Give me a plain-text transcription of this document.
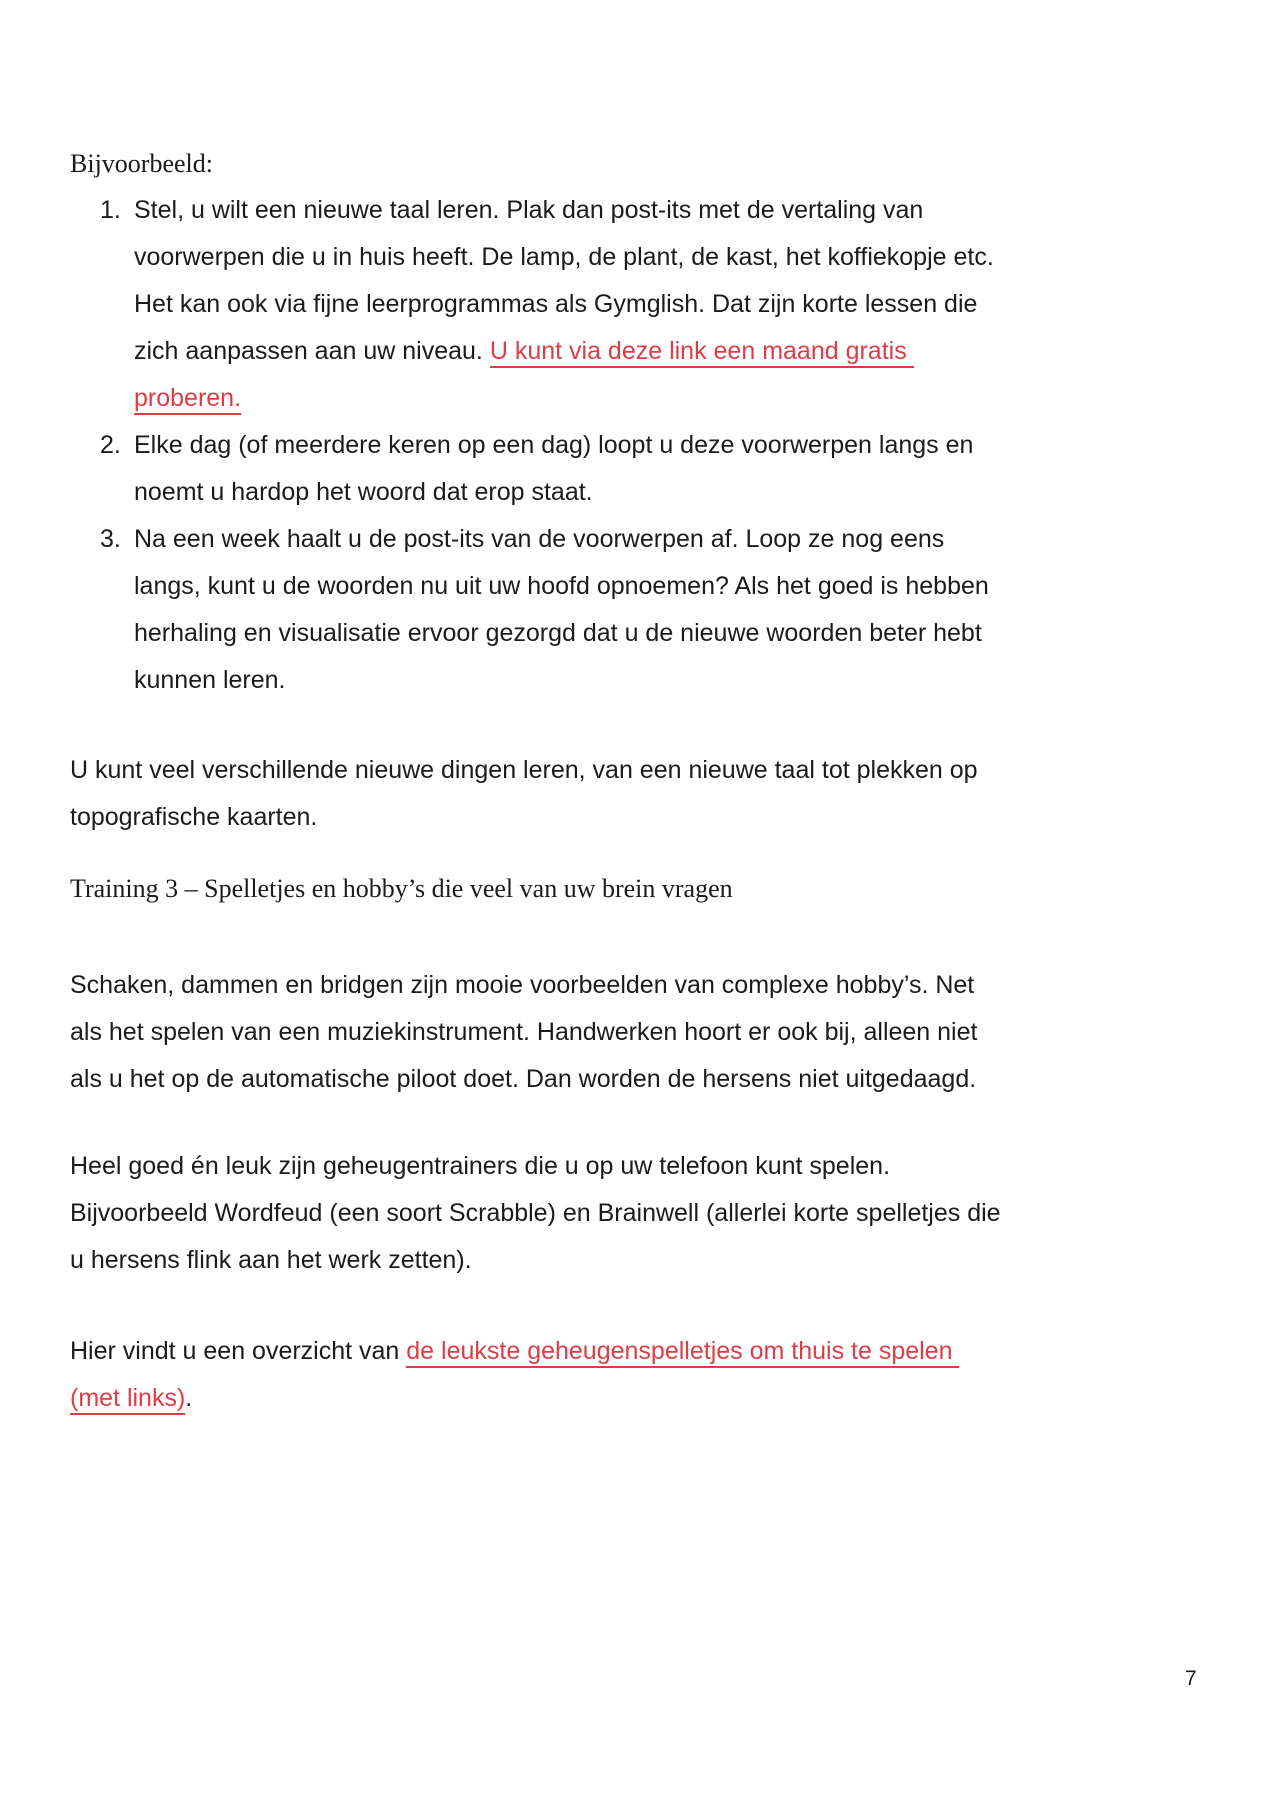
Bijvoorbeeld:
1. Stel, u wilt een nieuwe taal leren. Plak dan post-its met de vertaling van
voorwerpen die u in huis heeft. De lamp, de plant, de kast, het koffiekopje etc.
Het kan ook via fijne leerprogrammas als Gymglish. Dat zijn korte lessen die
zich aanpassen aan uw niveau. U kunt via deze link een maand gratis
proberen.
2. Elke dag (of meerdere keren op een dag) loopt u deze voorwerpen langs en
noemt u hardop het woord dat erop staat.
3. Na een week haalt u de post-its van de voorwerpen af. Loop ze nog eens
langs, kunt u de woorden nu uit uw hoofd opnoemen? Als het goed is hebben
herhaling en visualisatie ervoor gezorgd dat u de nieuwe woorden beter hebt
kunnen leren.
U kunt veel verschillende nieuwe dingen leren, van een nieuwe taal tot plekken op
topografische kaarten.
Training 3 – Spelletjes en hobby’s die veel van uw brein vragen
Schaken, dammen en bridgen zijn mooie voorbeelden van complexe hobby’s. Net
als het spelen van een muziekinstrument. Handwerken hoort er ook bij, alleen niet
als u het op de automatische piloot doet. Dan worden de hersens niet uitgedaagd.
Heel goed én leuk zijn geheugentrainers die u op uw telefoon kunt spelen.
Bijvoorbeeld Wordfeud (een soort Scrabble) en Brainwell (allerlei korte spelletjes die
u hersens flink aan het werk zetten).
Hier vindt u een overzicht van de leukste geheugenspelletjes om thuis te spelen
(met links).
7
